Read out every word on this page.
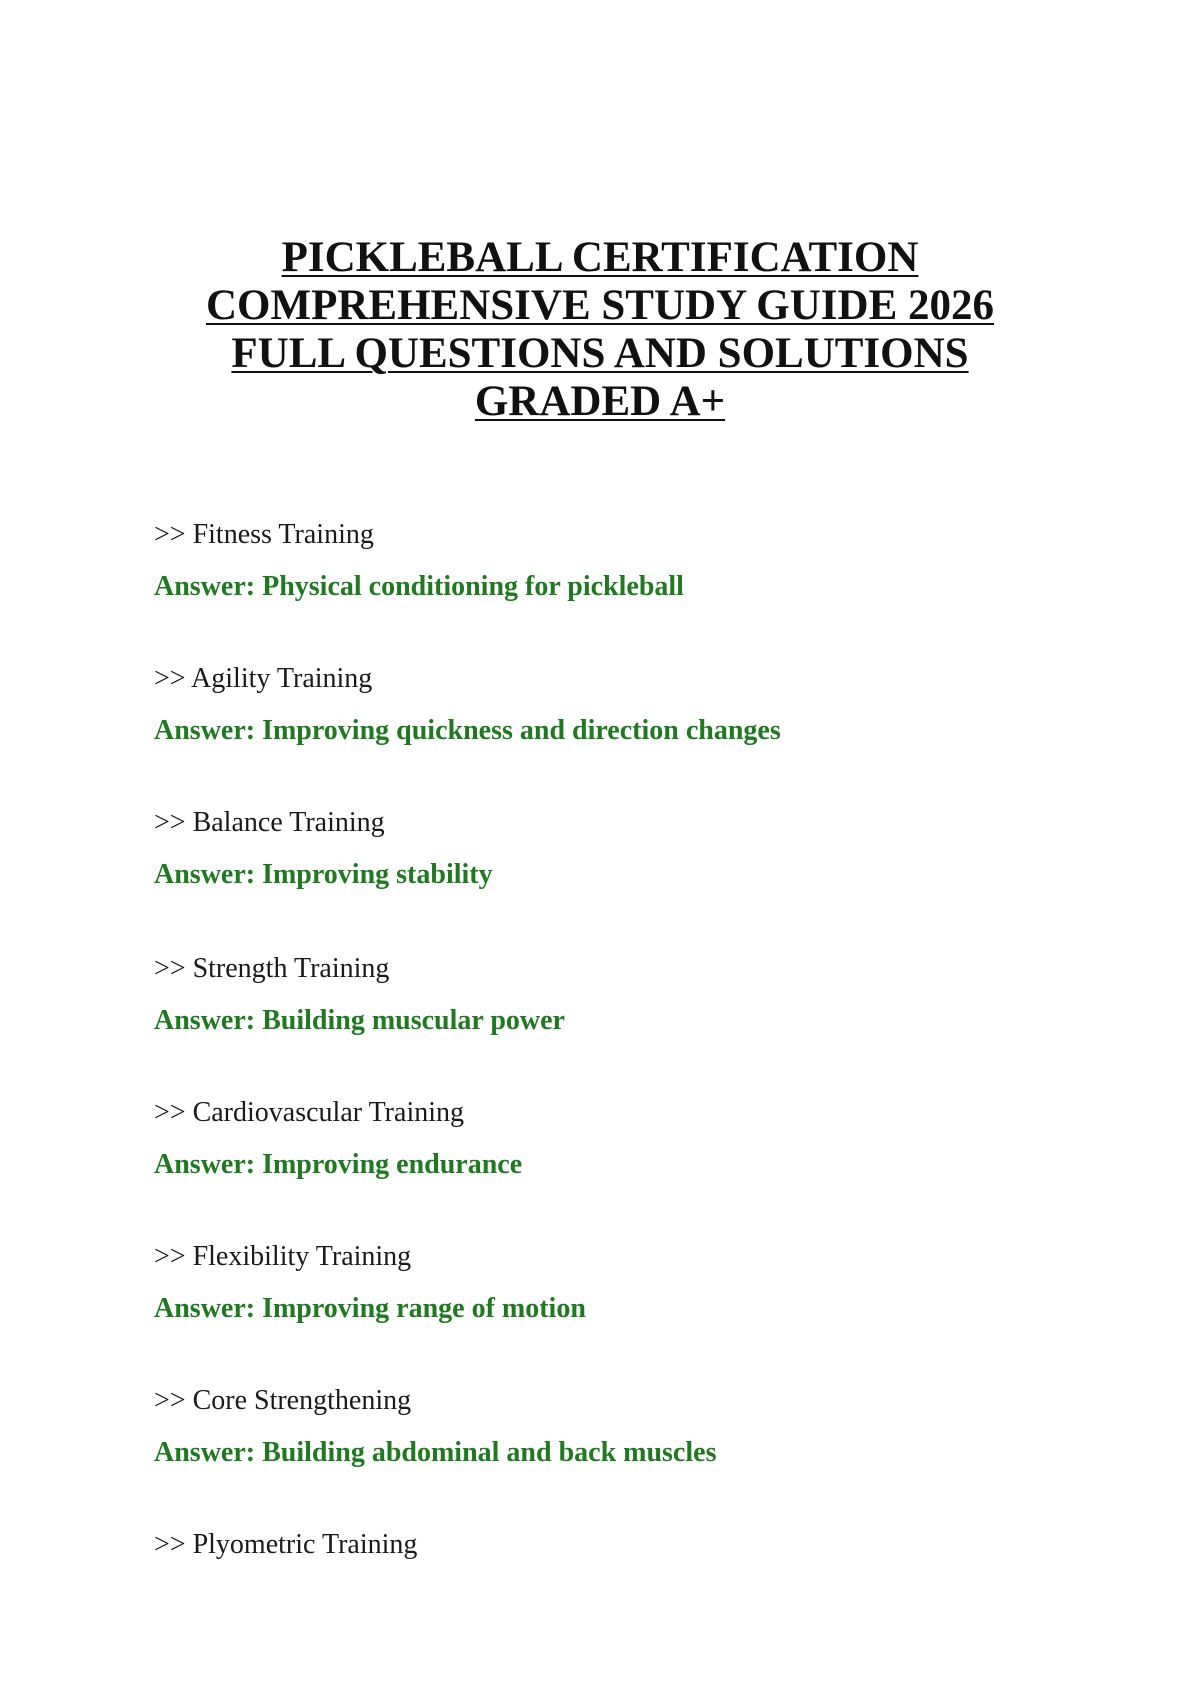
PICKLEBALL CERTIFICATION
COMPREHENSIVE STUDY GUIDE 2026
FULL QUESTIONS AND SOLUTIONS
GRADED A+
>> Fitness Training
Answer: Physical conditioning for pickleball
>> Agility Training
Answer: Improving quickness and direction changes
>> Balance Training
Answer: Improving stability
>> Strength Training
Answer: Building muscular power
>> Cardiovascular Training
Answer: Improving endurance
>> Flexibility Training
Answer: Improving range of motion
>> Core Strengthening
Answer: Building abdominal and back muscles
>> Plyometric Training
